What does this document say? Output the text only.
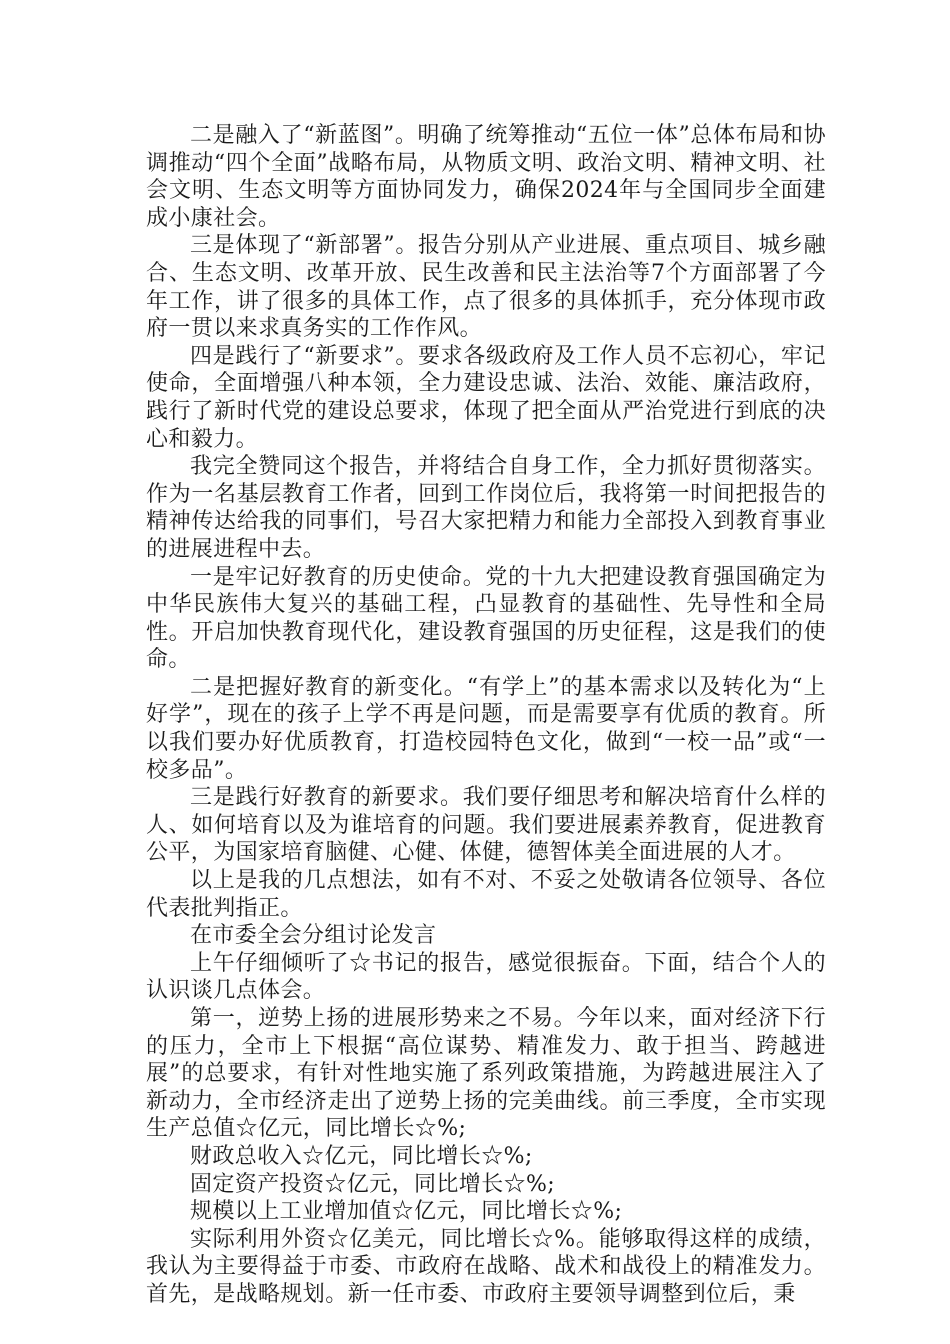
二是融入了“新蓝图”。明确了统筹推动“五位一体”总体布局和协调推动“四个全面”战略布局，从物质文明、政治文明、精神文明、社会文明、生态文明等方面协同发力，确保2024年与全国同步全面建成小康社会。

三是体现了“新部署”。报告分别从产业进展、重点项目、城乡融合、生态文明、改革开放、民生改善和民主法治等7个方面部署了今年工作，讲了很多的具体工作，点了很多的具体抓手，充分体现市政府一贯以来求真务实的工作作风。

四是践行了“新要求”。要求各级政府及工作人员不忘初心，牢记使命，全面增强八种本领，全力建设忠诚、法治、效能、廉洁政府，践行了新时代党的建设总要求，体现了把全面从严治党进行到底的决心和毅力。

我完全赞同这个报告，并将结合自身工作，全力抓好贯彻落实。作为一名基层教育工作者，回到工作岗位后，我将第一时间把报告的精神传达给我的同事们，号召大家把精力和能力全部投入到教育事业的进展进程中去。

一是牢记好教育的历史使命。党的十九大把建设教育强国确定为中华民族伟大复兴的基础工程，凸显教育的基础性、先导性和全局性。开启加快教育现代化，建设教育强国的历史征程，这是我们的使命。

二是把握好教育的新变化。“有学上”的基本需求以及转化为“上好学”，现在的孩子上学不再是问题，而是需要享有优质的教育。所以我们要办好优质教育，打造校园特色文化，做到“一校一品”或“一校多品”。

三是践行好教育的新要求。我们要仔细思考和解决培育什么样的人、如何培育以及为谁培育的问题。我们要进展素养教育，促进教育公平，为国家培育脑健、心健、体健，德智体美全面进展的人才。

以上是我的几点想法，如有不对、不妥之处敬请各位领导、各位代表批判指正。

在市委全会分组讨论发言

上午仔细倾听了☆书记的报告，感觉很振奋。下面，结合个人的认识谈几点体会。

第一，逆势上扬的进展形势来之不易。今年以来，面对经济下行的压力，全市上下根据“高位谋势、精准发力、敢于担当、跨越进展”的总要求，有针对性地实施了系列政策措施，为跨越进展注入了新动力，全市经济走出了逆势上扬的完美曲线。前三季度，全市实现生产总值☆亿元，同比增长☆%;

财政总收入☆亿元，同比增长☆%;

固定资产投资☆亿元，同比增长☆%;

规模以上工业增加值☆亿元，同比增长☆%;

实际利用外资☆亿美元，同比增长☆%。能够取得这样的成绩，我认为主要得益于市委、市政府在战略、战术和战役上的精准发力。首先，是战略规划。新一任市委、市政府主要领导调整到位后，秉
